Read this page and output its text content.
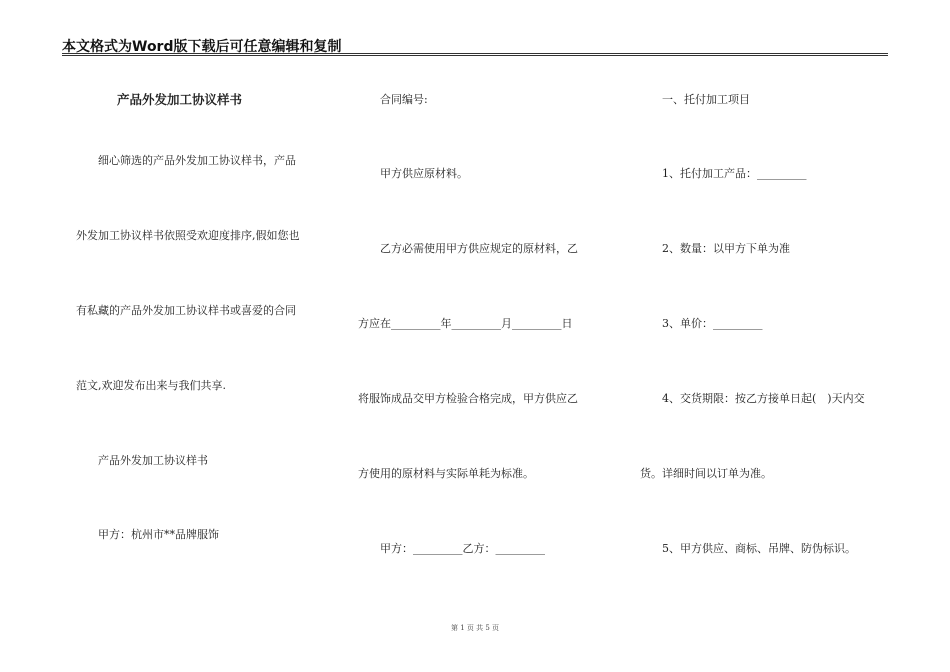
本文格式为Word版下载后可任意编辑和复制
产品外发加工协议样书
　　细心筛选的产品外发加工协议样书，产品
外发加工协议样书依照受欢迎度排序,假如您也
有私藏的产品外发加工协议样书或喜爱的合同
范文,欢迎发布出来与我们共享.
　　产品外发加工协议样书
　　甲方：杭州市**品牌服饰
　　合同编号:
　　甲方供应原材料。
　　乙方必需使用甲方供应规定的原材料，乙
方应在_________年_________月_________日
将服饰成品交甲方检验合格完成，甲方供应乙
方使用的原材料与实际单耗为标准。
　　甲方：_________乙方：_________
　　一、托付加工项目
　　1、托付加工产品：_________
　　2、数量：以甲方下单为准
　　3、单价：_________
　　4、交货期限：按乙方接单日起(　)天内交
货。详细时间以订单为准。
　　5、甲方供应、商标、吊牌、防伪标识。
第 1 页 共 5 页
